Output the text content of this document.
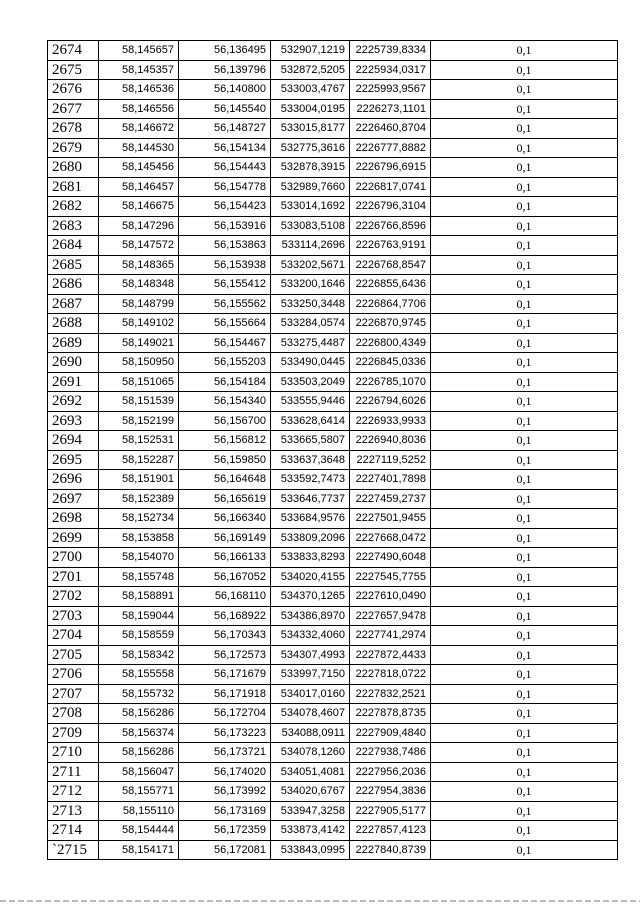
2674	58,145657	56,136495	532907,1219	2225739,8334	0,1
2675	58,145357	56,139796	532872,5205	2225934,0317	0,1
2676	58,146536	56,140800	533003,4767	2225993,9567	0,1
2677	58,146556	56,145540	533004,0195	2226273,1101	0,1
2678	58,146672	56,148727	533015,8177	2226460,8704	0,1
2679	58,144530	56,154134	532775,3616	2226777,8882	0,1
2680	58,145456	56,154443	532878,3915	2226796,6915	0,1
2681	58,146457	56,154778	532989,7660	2226817,0741	0,1
2682	58,146675	56,154423	533014,1692	2226796,3104	0,1
2683	58,147296	56,153916	533083,5108	2226766,8596	0,1
2684	58,147572	56,153863	533114,2696	2226763,9191	0,1
2685	58,148365	56,153938	533202,5671	2226768,8547	0,1
2686	58,148348	56,155412	533200,1646	2226855,6436	0,1
2687	58,148799	56,155562	533250,3448	2226864,7706	0,1
2688	58,149102	56,155664	533284,0574	2226870,9745	0,1
2689	58,149021	56,154467	533275,4487	2226800,4349	0,1
2690	58,150950	56,155203	533490,0445	2226845,0336	0,1
2691	58,151065	56,154184	533503,2049	2226785,1070	0,1
2692	58,151539	56,154340	533555,9446	2226794,6026	0,1
2693	58,152199	56,156700	533628,6414	2226933,9933	0,1
2694	58,152531	56,156812	533665,5807	2226940,8036	0,1
2695	58,152287	56,159850	533637,3648	2227119,5252	0,1
2696	58,151901	56,164648	533592,7473	2227401,7898	0,1
2697	58,152389	56,165619	533646,7737	2227459,2737	0,1
2698	58,152734	56,166340	533684,9576	2227501,9455	0,1
2699	58,153858	56,169149	533809,2096	2227668,0472	0,1
2700	58,154070	56,166133	533833,8293	2227490,6048	0,1
2701	58,155748	56,167052	534020,4155	2227545,7755	0,1
2702	58,158891	56,168110	534370,1265	2227610,0490	0,1
2703	58,159044	56,168922	534386,8970	2227657,9478	0,1
2704	58,158559	56,170343	534332,4060	2227741,2974	0,1
2705	58,158342	56,172573	534307,4993	2227872,4433	0,1
2706	58,155558	56,171679	533997,7150	2227818,0722	0,1
2707	58,155732	56,171918	534017,0160	2227832,2521	0,1
2708	58,156286	56,172704	534078,4607	2227878,8735	0,1
2709	58,156374	56,173223	534088,0911	2227909,4840	0,1
2710	58,156286	56,173721	534078,1260	2227938,7486	0,1
2711	58,156047	56,174020	534051,4081	2227956,2036	0,1
2712	58,155771	56,173992	534020,6767	2227954,3836	0,1
2713	58,155110	56,173169	533947,3258	2227905,5177	0,1
2714	58,154444	56,172359	533873,4142	2227857,4123	0,1
`2715	58,154171	56,172081	533843,0995	2227840,8739	0,1
